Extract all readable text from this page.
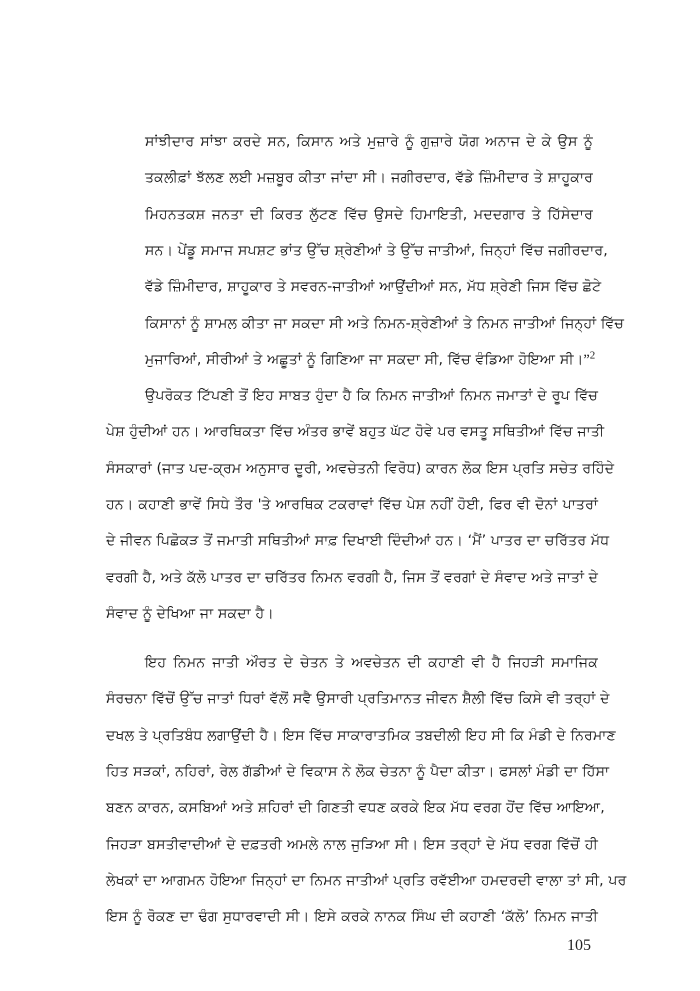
ਸਾਂਝੀਦਾਰ ਸਾਂਝਾ ਕਰਦੇ ਸਨ, ਕਿਸਾਨ ਅਤੇ ਮੁਜ਼ਾਰੇ ਨੂੰ ਗੁਜ਼ਾਰੇ ਯੋਗ ਅਨਾਜ ਦੇ ਕੇ ਉਸ ਨੂੰ
ਤਕਲੀਫ਼ਾਂ ਝੱਲਣ ਲਈ ਮਜ਼ਬੂਰ ਕੀਤਾ ਜਾਂਦਾ ਸੀ। ਜਗੀਰਦਾਰ, ਵੱਡੇ ਜ਼ਿੰਮੀਦਾਰ ਤੇ ਸ਼ਾਹੂਕਾਰ
ਮਿਹਨਤਕਸ਼ ਜਨਤਾ ਦੀ ਕਿਰਤ ਲੁੱਟਣ ਵਿੱਚ ਉਸਦੇ ਹਿਮਾਇਤੀ, ਮਦਦਗਾਰ ਤੇ ਹਿੱਸੇਦਾਰ
ਸਨ। ਪੇਂਡੂ ਸਮਾਜ ਸਪਸ਼ਟ ਭਾਂਤ ਉੱਚ ਸ਼੍ਰੇਣੀਆਂ ਤੇ ਉੱਚ ਜਾਤੀਆਂ, ਜਿਨ੍ਹਾਂ ਵਿੱਚ ਜਗੀਰਦਾਰ,
ਵੱਡੇ ਜ਼ਿੰਮੀਦਾਰ, ਸ਼ਾਹੂਕਾਰ ਤੇ ਸਵਰਨ-ਜਾਤੀਆਂ ਆਉਂਦੀਆਂ ਸਨ, ਮੱਧ ਸ਼੍ਰੇਣੀ ਜਿਸ ਵਿੱਚ ਛੋਟੇ
ਕਿਸਾਨਾਂ ਨੂੰ ਸ਼ਾਮਲ ਕੀਤਾ ਜਾ ਸਕਦਾ ਸੀ ਅਤੇ ਨਿਮਨ-ਸ਼੍ਰੇਣੀਆਂ ਤੇ ਨਿਮਨ ਜਾਤੀਆਂ ਜਿਨ੍ਹਾਂ ਵਿੱਚ
ਮੁਜਾਰਿਆਂ, ਸੀਰੀਆਂ ਤੇ ਅਛੂਤਾਂ ਨੂੰ ਗਿਣਿਆ ਜਾ ਸਕਦਾ ਸੀ, ਵਿੱਚ ਵੰਡਿਆ ਹੋਇਆ ਸੀ।”$^2$
ਉਪਰੋਕਤ ਟਿੱਪਣੀ ਤੋਂ ਇਹ ਸਾਬਤ ਹੁੰਦਾ ਹੈ ਕਿ ਨਿਮਨ ਜਾਤੀਆਂ ਨਿਮਨ ਜਮਾਤਾਂ ਦੇ ਰੂਪ ਵਿੱਚ
ਪੇਸ਼ ਹੁੰਦੀਆਂ ਹਨ। ਆਰਥਿਕਤਾ ਵਿੱਚ ਅੰਤਰ ਭਾਵੇਂ ਬਹੁਤ ਘੱਟ ਹੋਵੇ ਪਰ ਵਸਤੂ ਸਥਿਤੀਆਂ ਵਿੱਚ ਜਾਤੀ
ਸੰਸਕਾਰਾਂ (ਜਾਤ ਪਦ-ਕ੍ਰਮ ਅਨੁਸਾਰ ਦੂਰੀ, ਅਵਚੇਤਨੀ ਵਿਰੋਧ) ਕਾਰਨ ਲੋਕ ਇਸ ਪ੍ਰਤਿ ਸਚੇਤ ਰਹਿੰਦੇ
ਹਨ। ਕਹਾਣੀ ਭਾਵੇਂ ਸਿਧੇ ਤੌਰ 'ਤੇ ਆਰਥਿਕ ਟਕਰਾਵਾਂ ਵਿੱਚ ਪੇਸ਼ ਨਹੀਂ ਹੋਈ, ਫਿਰ ਵੀ ਦੋਨਾਂ ਪਾਤਰਾਂ
ਦੇ ਜੀਵਨ ਪਿਛੋਕੜ ਤੋਂ ਜਮਾਤੀ ਸਥਿਤੀਆਂ ਸਾਫ਼ ਦਿਖਾਈ ਦਿੰਦੀਆਂ ਹਨ। ‘ਮੈਂ’ ਪਾਤਰ ਦਾ ਚਰਿੱਤਰ ਮੱਧ
ਵਰਗੀ ਹੈ, ਅਤੇ ਕੱਲੋ ਪਾਤਰ ਦਾ ਚਰਿੱਤਰ ਨਿਮਨ ਵਰਗੀ ਹੈ, ਜਿਸ ਤੋਂ ਵਰਗਾਂ ਦੇ ਸੰਵਾਦ ਅਤੇ ਜਾਤਾਂ ਦੇ
ਸੰਵਾਦ ਨੂੰ ਦੇਖਿਆ ਜਾ ਸਕਦਾ ਹੈ।
ਇਹ ਨਿਮਨ ਜਾਤੀ ਔਰਤ ਦੇ ਚੇਤਨ ਤੇ ਅਵਚੇਤਨ ਦੀ ਕਹਾਣੀ ਵੀ ਹੈ ਜਿਹੜੀ ਸਮਾਜਿਕ
ਸੰਰਚਨਾ ਵਿੱਚੋਂ ਉੱਚ ਜਾਤਾਂ ਧਿਰਾਂ ਵੱਲੋਂ ਸਵੈ ਉਸਾਰੀ ਪ੍ਰਤਿਮਾਨਤ ਜੀਵਨ ਸ਼ੈਲੀ ਵਿੱਚ ਕਿਸੇ ਵੀ ਤਰ੍ਹਾਂ ਦੇ
ਦਖਲ ਤੇ ਪ੍ਰਤਿਬੰਧ ਲਗਾਉਂਦੀ ਹੈ। ਇਸ ਵਿੱਚ ਸਾਕਾਰਾਤਮਿਕ ਤਬਦੀਲੀ ਇਹ ਸੀ ਕਿ ਮੰਡੀ ਦੇ ਨਿਰਮਾਣ
ਹਿਤ ਸੜਕਾਂ, ਨਹਿਰਾਂ, ਰੇਲ ਗੱਡੀਆਂ ਦੇ ਵਿਕਾਸ ਨੇ ਲੋਕ ਚੇਤਨਾ ਨੂੰ ਪੈਦਾ ਕੀਤਾ। ਫਸਲਾਂ ਮੰਡੀ ਦਾ ਹਿੱਸਾ
ਬਣਨ ਕਾਰਨ, ਕਸਬਿਆਂ ਅਤੇ ਸ਼ਹਿਰਾਂ ਦੀ ਗਿਣਤੀ ਵਧਣ ਕਰਕੇ ਇਕ ਮੱਧ ਵਰਗ ਹੋਂਦ ਵਿੱਚ ਆਇਆ,
ਜਿਹੜਾ ਬਸਤੀਵਾਦੀਆਂ ਦੇ ਦਫ਼ਤਰੀ ਅਮਲੇ ਨਾਲ ਜੁੜਿਆ ਸੀ। ਇਸ ਤਰ੍ਹਾਂ ਦੇ ਮੱਧ ਵਰਗ ਵਿੱਚੋਂ ਹੀ
ਲੇਖਕਾਂ ਦਾ ਆਗਮਨ ਹੋਇਆ ਜਿਨ੍ਹਾਂ ਦਾ ਨਿਮਨ ਜਾਤੀਆਂ ਪ੍ਰਤਿ ਰਵੱਈਆ ਹਮਦਰਦੀ ਵਾਲਾ ਤਾਂ ਸੀ, ਪਰ
ਇਸ ਨੂੰ ਰੋਕਣ ਦਾ ਢੰਗ ਸੁਧਾਰਵਾਦੀ ਸੀ। ਇਸੇ ਕਰਕੇ ਨਾਨਕ ਸਿੰਘ ਦੀ ਕਹਾਣੀ ‘ਕੱਲੋ’ ਨਿਮਨ ਜਾਤੀ
105
